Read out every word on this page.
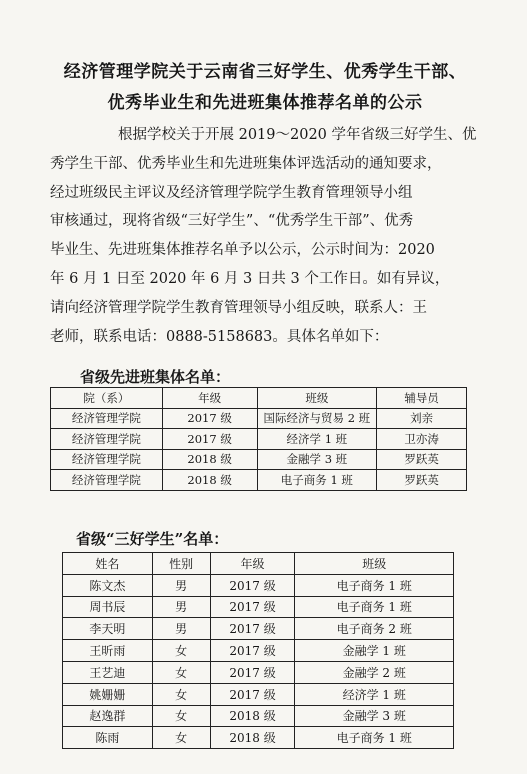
经济管理学院关于云南省三好学生、优秀学生干部、
优秀毕业生和先进班集体推荐名单的公示
根据学校关于开展 2019～2020 学年省级三好学生、优
秀学生干部、优秀毕业生和先进班集体评选活动的通知要求，
经过班级民主评议及经济管理学院学生教育管理领导小组
审核通过，现将省级“三好学生”、“优秀学生干部”、优秀
毕业生、先进班集体推荐名单予以公示，公示时间为：2020
年 6 月 1 日至 2020 年 6 月 3 日共 3 个工作日。如有异议，
请向经济管理学院学生教育管理领导小组反映，联系人：王
老师，联系电话：0888-5158683。具体名单如下：
省级先进班集体名单：
院（系）	年级	班级	辅导员
经济管理学院	2017 级	国际经济与贸易 2 班	刘亲
经济管理学院	2017 级	经济学 1 班	卫亦涛
经济管理学院	2018 级	金融学 3 班	罗跃英
经济管理学院	2018 级	电子商务 1 班	罗跃英
省级“三好学生”名单：
姓名	性别	年级	班级
陈文杰	男	2017 级	电子商务 1 班
周书辰	男	2017 级	电子商务 1 班
李天明	男	2017 级	电子商务 2 班
王昕雨	女	2017 级	金融学 1 班
王艺迪	女	2017 级	金融学 2 班
姚姗姗	女	2017 级	经济学 1 班
赵逸群	女	2018 级	金融学 3 班
陈雨	女	2018 级	电子商务 1 班
